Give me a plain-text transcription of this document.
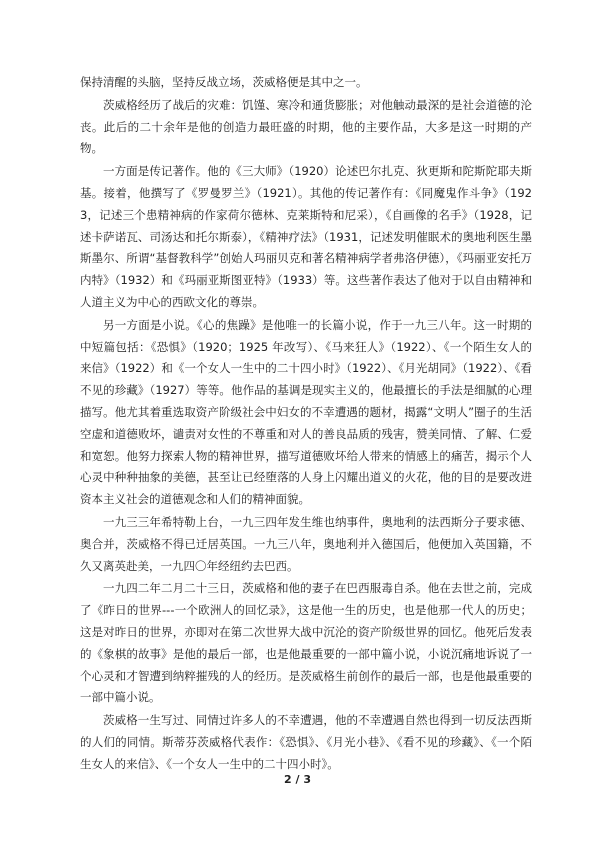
保持清醒的头脑，坚持反战立场，茨威格便是其中之一。

茨威格经历了战后的灾难：饥馑、寒冷和通货膨胀；对他触动最深的是社会道德的沦丧。此后的二十余年是他的创造力最旺盛的时期，他的主要作品，大多是这一时期的产物。

一方面是传记著作。他的《三大师》（1920）论述巴尔扎克、狄更斯和陀斯陀耶夫斯基。接着，他撰写了《罗曼罗兰》（1921）。其他的传记著作有：《同魔鬼作斗争》（1923，记述三个患精神病的作家荷尔德林、克莱斯特和尼采），《自画像的名手》（1928，记述卡萨诺瓦、司汤达和托尔斯泰），《精神疗法》（1931，记述发明催眠术的奥地利医生墨斯墨尔、所谓“基督教科学”创始人玛丽贝克和著名精神病学者弗洛伊德），《玛丽亚安托万内特》（1932）和《玛丽亚斯图亚特》（1933）等。这些著作表达了他对于以自由精神和人道主义为中心的西欧文化的尊崇。

另一方面是小说。《心的焦躁》是他唯一的长篇小说，作于一九三八年。这一时期的中短篇包括：《恐惧》（1920；1925 年改写）、《马来狂人》（1922）、《一个陌生女人的来信》（1922）和《一个女人一生中的二十四小时》（1922）、《月光胡同》（1922）、《看不见的珍藏》（1927）等等。他作品的基调是现实主义的，他最擅长的手法是细腻的心理描写。他尤其着重选取资产阶级社会中妇女的不幸遭遇的题材，揭露“文明人”圈子的生活空虚和道德败坏，谴责对女性的不尊重和对人的善良品质的残害，赞美同情、了解、仁爱和宽恕。他努力探索人物的精神世界，描写道德败坏给人带来的情感上的痛苦，揭示个人心灵中种种抽象的美德，甚至让已经堕落的人身上闪耀出道义的火花，他的目的是要改进资本主义社会的道德观念和人们的精神面貌。

一九三三年希特勒上台，一九三四年发生维也纳事件，奥地利的法西斯分子要求德、奥合并，茨威格不得已迁居英国。一九三八年，奥地利并入德国后，他便加入英国籍，不久又离英赴美，一九四〇年经纽约去巴西。

一九四二年二月二十三日，茨威格和他的妻子在巴西服毒自杀。他在去世之前，完成了《昨日的世界---一个欧洲人的回忆录》，这是他一生的历史，也是他那一代人的历史；这是对昨日的世界，亦即对在第二次世界大战中沉沦的资产阶级世界的回忆。他死后发表的《象棋的故事》是他的最后一部，也是他最重要的一部中篇小说，小说沉痛地诉说了一个心灵和才智遭到纳粹摧残的人的经历。是茨威格生前创作的最后一部，也是他最重要的一部中篇小说。

茨威格一生写过、同情过许多人的不幸遭遇，他的不幸遭遇自然也得到一切反法西斯的人们的同情。斯蒂芬茨威格代表作：《恐惧》、《月光小巷》、《看不见的珍藏》、《一个陌生女人的来信》、《一个女人一生中的二十四小时》。

2 / 3
